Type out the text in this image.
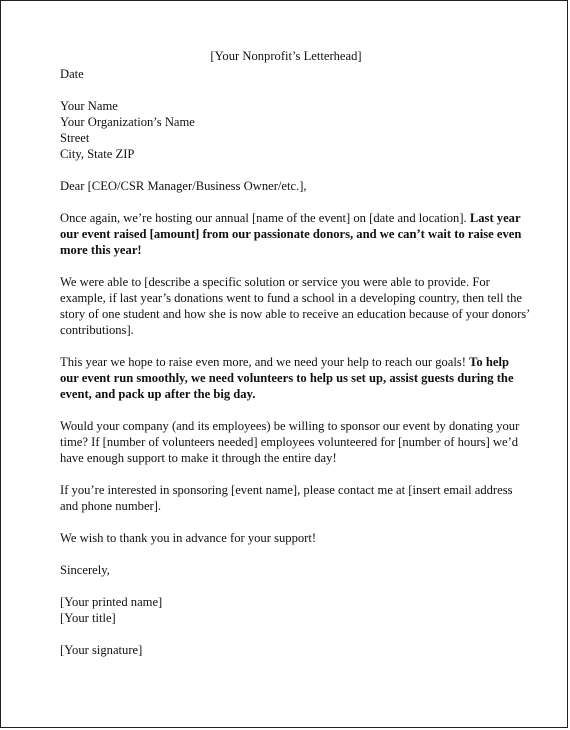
[Your Nonprofit’s Letterhead]

Date

Your Name
Your Organization’s Name
Street
City, State ZIP

Dear [CEO/CSR Manager/Business Owner/etc.],

Once again, we’re hosting our annual [name of the event] on [date and location]. Last year our event raised [amount] from our passionate donors, and we can’t wait to raise even more this year!

We were able to [describe a specific solution or service you were able to provide. For example, if last year’s donations went to fund a school in a developing country, then tell the story of one student and how she is now able to receive an education because of your donors’ contributions].

This year we hope to raise even more, and we need your help to reach our goals! To help our event run smoothly, we need volunteers to help us set up, assist guests during the event, and pack up after the big day.

Would your company (and its employees) be willing to sponsor our event by donating your time? If [number of volunteers needed] employees volunteered for [number of hours] we’d have enough support to make it through the entire day!

If you’re interested in sponsoring [event name], please contact me at [insert email address and phone number].

We wish to thank you in advance for your support!

Sincerely,

[Your printed name]
[Your title]

[Your signature]
